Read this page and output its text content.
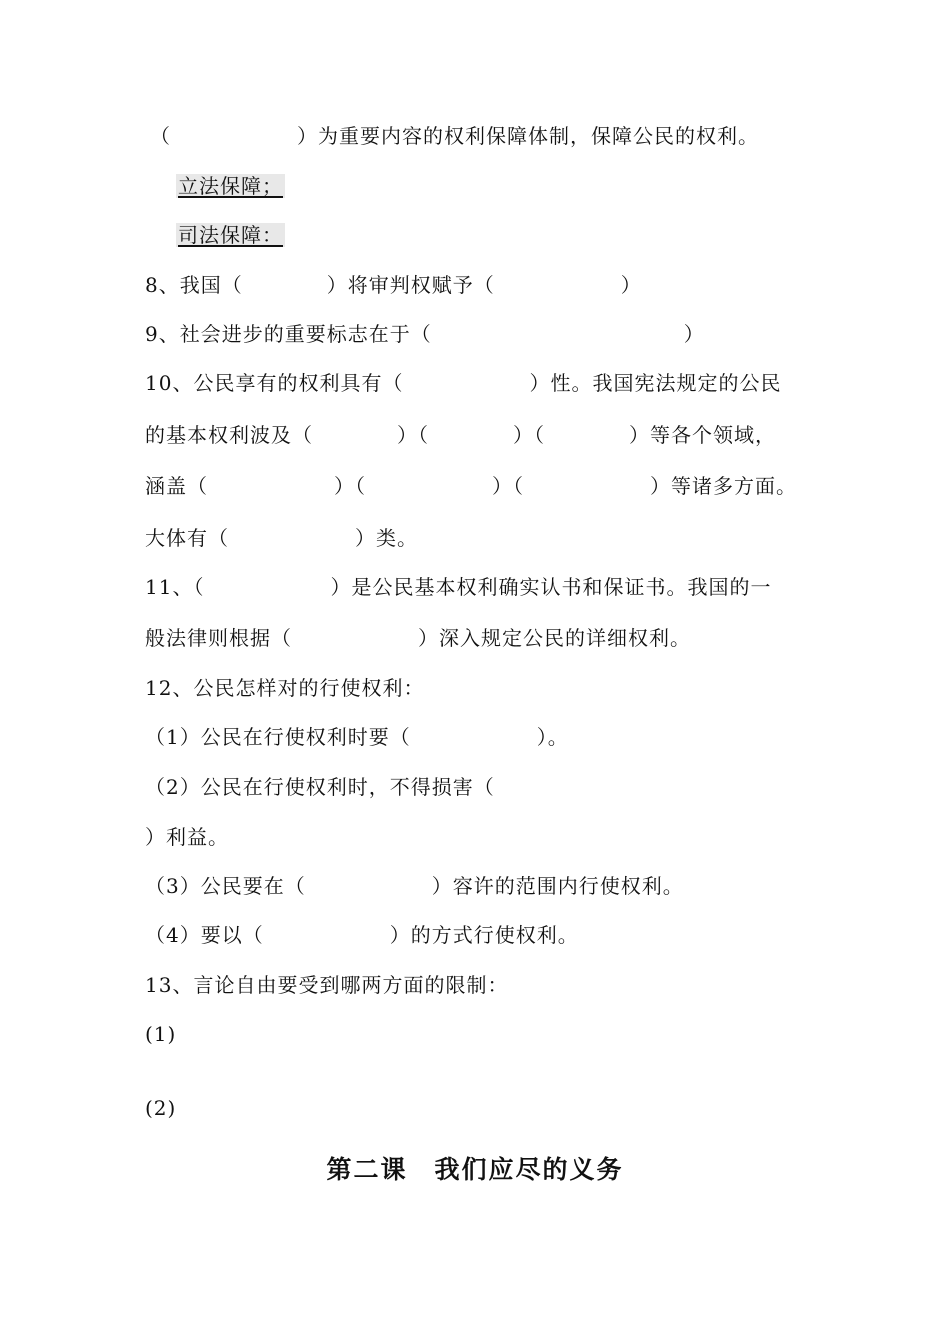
（　　　　　　）为重要内容的权利保障体制，保障公民的权利。
立法保障；
司法保障：
8、我国（　　　　）将审判权赋予（　　　　　　）
9、社会进步的重要标志在于（　　　　　　　　　　　　）
10、公民享有的权利具有（　　　　　　）性。我国宪法规定的公民
的基本权利波及（　　　　）（　　　　）（　　　　）等各个领域，
涵盖（　　　　　　）（　　　　　　）（　　　　　　）等诸多方面。
大体有（　　　　　　）类。
11、（　　　　　　）是公民基本权利确实认书和保证书。我国的一
般法律则根据（　　　　　　）深入规定公民的详细权利。
12、公民怎样对的行使权利：
（1）公民在行使权利时要（　　　　　　）。
（2）公民在行使权利时，不得损害（
）利益。
（3）公民要在（　　　　　　）容许的范围内行使权利。
（4）要以（　　　　　　）的方式行使权利。
13、言论自由要受到哪两方面的限制：
(1)
(2)
第二课　我们应尽的义务
